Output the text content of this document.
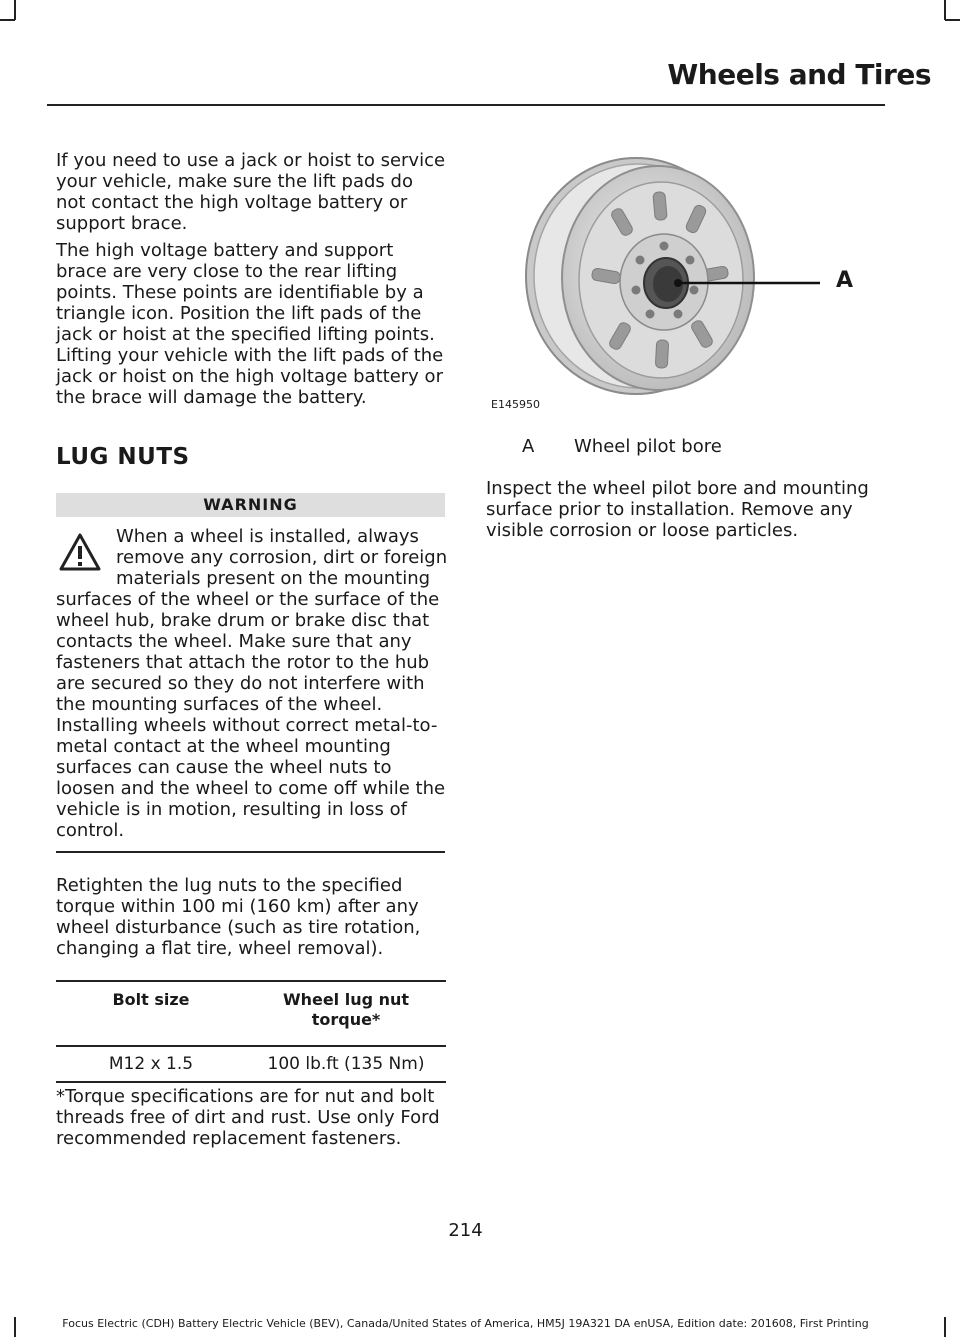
Wheels and Tires

If you need to use a jack or hoist to service your vehicle, make sure the lift pads do not contact the high voltage battery or support brace.

The high voltage battery and support brace are very close to the rear lifting points. These points are identifiable by a triangle icon. Position the lift pads of the jack or hoist at the specified lifting points. Lifting your vehicle with the lift pads of the jack or hoist on the high voltage battery or the brace will damage the battery.

LUG NUTS
WARNING

When a wheel is installed, always remove any corrosion, dirt or foreign materials present on the mounting

surfaces of the wheel or the surface of the wheel hub, brake drum or brake disc that contacts the wheel. Make sure that any fasteners that attach the rotor to the hub are secured so they do not interfere with the mounting surfaces of the wheel. Installing wheels without correct metal-to-metal contact at the wheel mounting surfaces can cause the wheel nuts to loosen and the wheel to come off while the vehicle is in motion, resulting in loss of control.

Retighten the lug nuts to the specified torque within 100 mi (160 km) after any wheel disturbance (such as tire rotation, changing a flat tire, wheel removal).

Bolt size	Wheel lug nut torque*
M12 x 1.5	100 lb.ft (135 Nm)

*Torque specifications are for nut and bolt threads free of dirt and rust. Use only Ford recommended replacement fasteners.

A
E145950
A Wheel pilot bore

Inspect the wheel pilot bore and mounting surface prior to installation. Remove any visible corrosion or loose particles.

214
Focus Electric (CDH) Battery Electric Vehicle (BEV), Canada/United States of America, HM5J 19A321 DA enUSA, Edition date: 201608, First Printing
